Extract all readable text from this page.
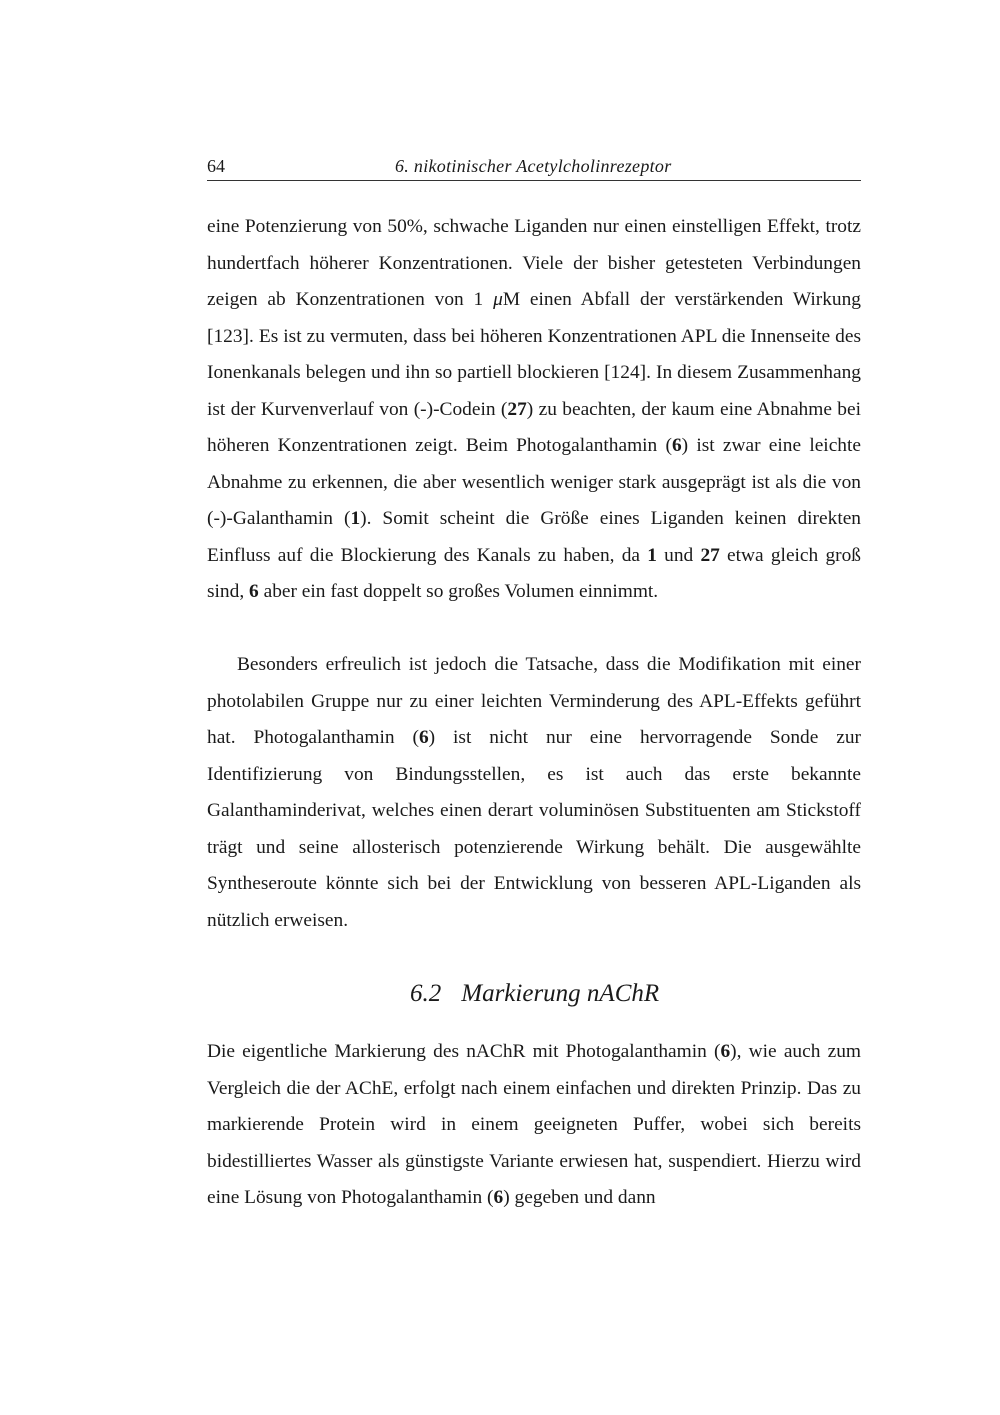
64	6. nikotinischer Acetylcholinrezeptor

eine Potenzierung von 50%, schwache Liganden nur einen einstelligen Effekt, trotz hundertfach höherer Konzentrationen. Viele der bisher getesteten Verbindungen zeigen ab Konzentrationen von 1 μM einen Abfall der verstärkenden Wirkung [123]. Es ist zu vermuten, dass bei höheren Konzentrationen APL die Innenseite des Ionenkanals belegen und ihn so partiell blockieren [124]. In diesem Zusammenhang ist der Kurvenverlauf von (-)-Codein (27) zu beachten, der kaum eine Abnahme bei höheren Konzentrationen zeigt. Beim Photogalanthamin (6) ist zwar eine leichte Abnahme zu erkennen, die aber wesentlich weniger stark ausgeprägt ist als die von (-)-Galanthamin (1). Somit scheint die Größe eines Liganden keinen direkten Einfluss auf die Blockierung des Kanals zu haben, da 1 und 27 etwa gleich groß sind, 6 aber ein fast doppelt so großes Volumen einnimmt.

Besonders erfreulich ist jedoch die Tatsache, dass die Modifikation mit einer photolabilen Gruppe nur zu einer leichten Verminderung des APL-Effekts geführt hat. Photogalanthamin (6) ist nicht nur eine hervorragende Sonde zur Identifizierung von Bindungsstellen, es ist auch das erste bekannte Galanthaminderivat, welches einen derart voluminösen Substituenten am Stickstoff trägt und seine allosterisch potenzierende Wirkung behält. Die ausgewählte Syntheseroute könnte sich bei der Entwicklung von besseren APL-Liganden als nützlich erweisen.

6.2 Markierung nAChR

Die eigentliche Markierung des nAChR mit Photogalanthamin (6), wie auch zum Vergleich die der AChE, erfolgt nach einem einfachen und direkten Prinzip. Das zu markierende Protein wird in einem geeigneten Puffer, wobei sich bereits bidestilliertes Wasser als günstigste Variante erwiesen hat, suspendiert. Hierzu wird eine Lösung von Photogalanthamin (6) gegeben und dann
